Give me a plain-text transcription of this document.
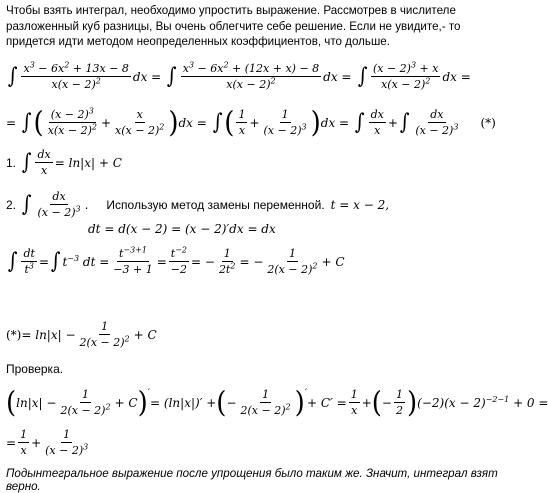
Чтобы взять интеграл, необходимо упростить выражение. Рассмотрев в числителе разложенный куб разницы, Вы очень облегчите себе решение. Если не увидите,- то придется идти методом неопределенных коэффициентов, что дольше.
∫ $\frac{x^3 - 6x^2 + 13x - 8}{x(x - 2)^2}$ dx = ∫ $\frac{x^3 - 6x^2 + (12x + x) - 8}{x(x - 2)^2}$ dx = ∫ $\frac{(x - 2)^3 + x}{x(x - 2)^2}$ dx =
= ∫ ( $\frac{(x - 2)^3}{x(x - 2)^2} + \frac{x}{x(x - 2)^2}$ ) dx = ∫ ( $\frac{1}{x} + \frac{1}{(x - 2)^3}$ ) dx = ∫ $\frac{dx}{x}$ + ∫ $\frac{dx}{(x - 2)^3}$ (*)
1. ∫ $\frac{dx}{x} = \ln|x| + C$
2. ∫ $\frac{dx}{(x - 2)^3}$ . Использую метод замены переменной. t = x − 2,
dt = d(x − 2) = (x − 2)′dx = dx
∫ $\frac{dt}{t^3}$ = ∫ $t^{-3}$ dt = $\frac{t^{-3+1}}{-3 + 1} = \frac{t^{-2}}{-2}$ = − $\frac{1}{2t^2}$ = − $\frac{1}{2(x - 2)^2} + C$
(*) = $\ln|x| - \frac{1}{2(x - 2)^2} + C$
Проверка.
( $\ln|x| - \frac{1}{2(x - 2)^2} + C$ ) ′
= (ln|x|)′ + ( − $\frac{1}{2(x - 2)^2}$ ) ′
+ $C' = \frac{1}{x}$ + ( − $\frac{1}{2}$ ) $(-2)(x - 2)^{-2-1} + 0$ =
= $\frac{1}{x} + \frac{1}{(x - 2)^3}$
Подынтегральное выражение после упрощения было таким же. Значит, интеграл взят верно.
